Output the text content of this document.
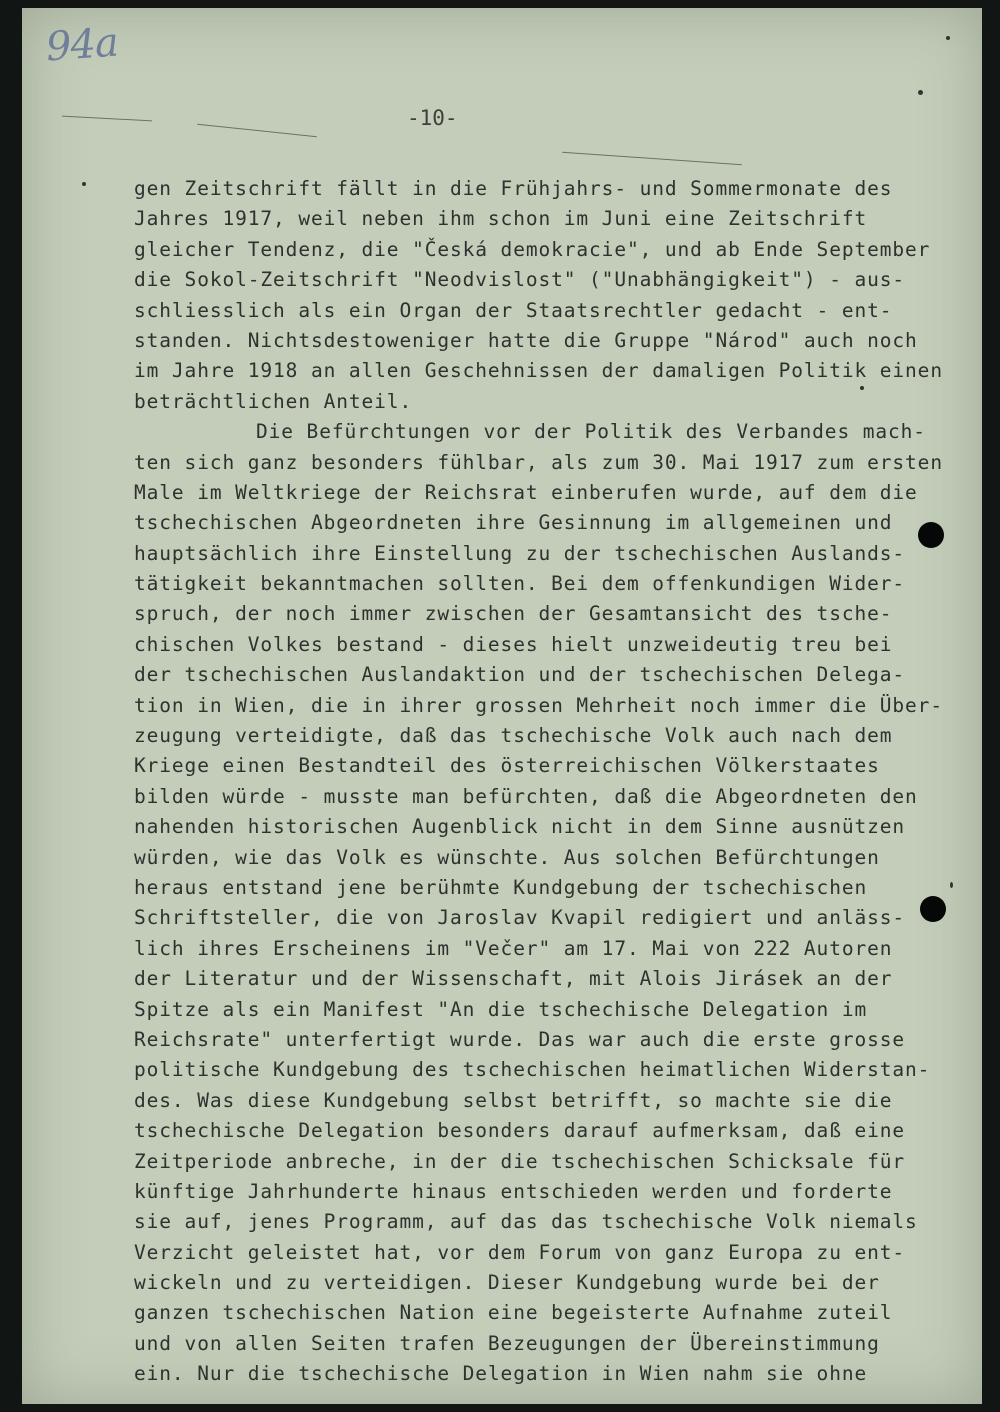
94a
-10-
gen Zeitschrift fällt in die Frühjahrs- und Sommermonate des
Jahres 1917, weil neben ihm schon im Juni eine Zeitschrift
gleicher Tendenz, die "Česká demokracie", und ab Ende September
die Sokol-Zeitschrift "Neodvislost" ("Unabhängigkeit") - aus-
schliesslich als ein Organ der Staatsrechtler gedacht - ent-
standen. Nichtsdestoweniger hatte die Gruppe "Národ" auch noch
im Jahre 1918 an allen Geschehnissen der damaligen Politik einen
beträchtlichen Anteil.
Die Befürchtungen vor der Politik des Verbandes mach-
ten sich ganz besonders fühlbar, als zum 30. Mai 1917 zum ersten
Male im Weltkriege der Reichsrat einberufen wurde, auf dem die
tschechischen Abgeordneten ihre Gesinnung im allgemeinen und
hauptsächlich ihre Einstellung zu der tschechischen Auslands-
tätigkeit bekanntmachen sollten. Bei dem offenkundigen Wider-
spruch, der noch immer zwischen der Gesamtansicht des tsche-
chischen Volkes bestand - dieses hielt unzweideutig treu bei
der tschechischen Auslandaktion und der tschechischen Delega-
tion in Wien, die in ihrer grossen Mehrheit noch immer die Über-
zeugung verteidigte, daß das tschechische Volk auch nach dem
Kriege einen Bestandteil des österreichischen Völkerstaates
bilden würde - musste man befürchten, daß die Abgeordneten den
nahenden historischen Augenblick nicht in dem Sinne ausnützen
würden, wie das Volk es wünschte. Aus solchen Befürchtungen
heraus entstand jene berühmte Kundgebung der tschechischen
Schriftsteller, die von Jaroslav Kvapil redigiert und anläss-
lich ihres Erscheinens im "Večer" am 17. Mai von 222 Autoren
der Literatur und der Wissenschaft, mit Alois Jirásek an der
Spitze als ein Manifest "An die tschechische Delegation im
Reichsrate" unterfertigt wurde. Das war auch die erste grosse
politische Kundgebung des tschechischen heimatlichen Widerstan-
des. Was diese Kundgebung selbst betrifft, so machte sie die
tschechische Delegation besonders darauf aufmerksam, daß eine
Zeitperiode anbreche, in der die tschechischen Schicksale für
künftige Jahrhunderte hinaus entschieden werden und forderte
sie auf, jenes Programm, auf das das tschechische Volk niemals
Verzicht geleistet hat, vor dem Forum von ganz Europa zu ent-
wickeln und zu verteidigen. Dieser Kundgebung wurde bei der
ganzen tschechischen Nation eine begeisterte Aufnahme zuteil
und von allen Seiten trafen Bezeugungen der Übereinstimmung
ein. Nur die tschechische Delegation in Wien nahm sie ohne
